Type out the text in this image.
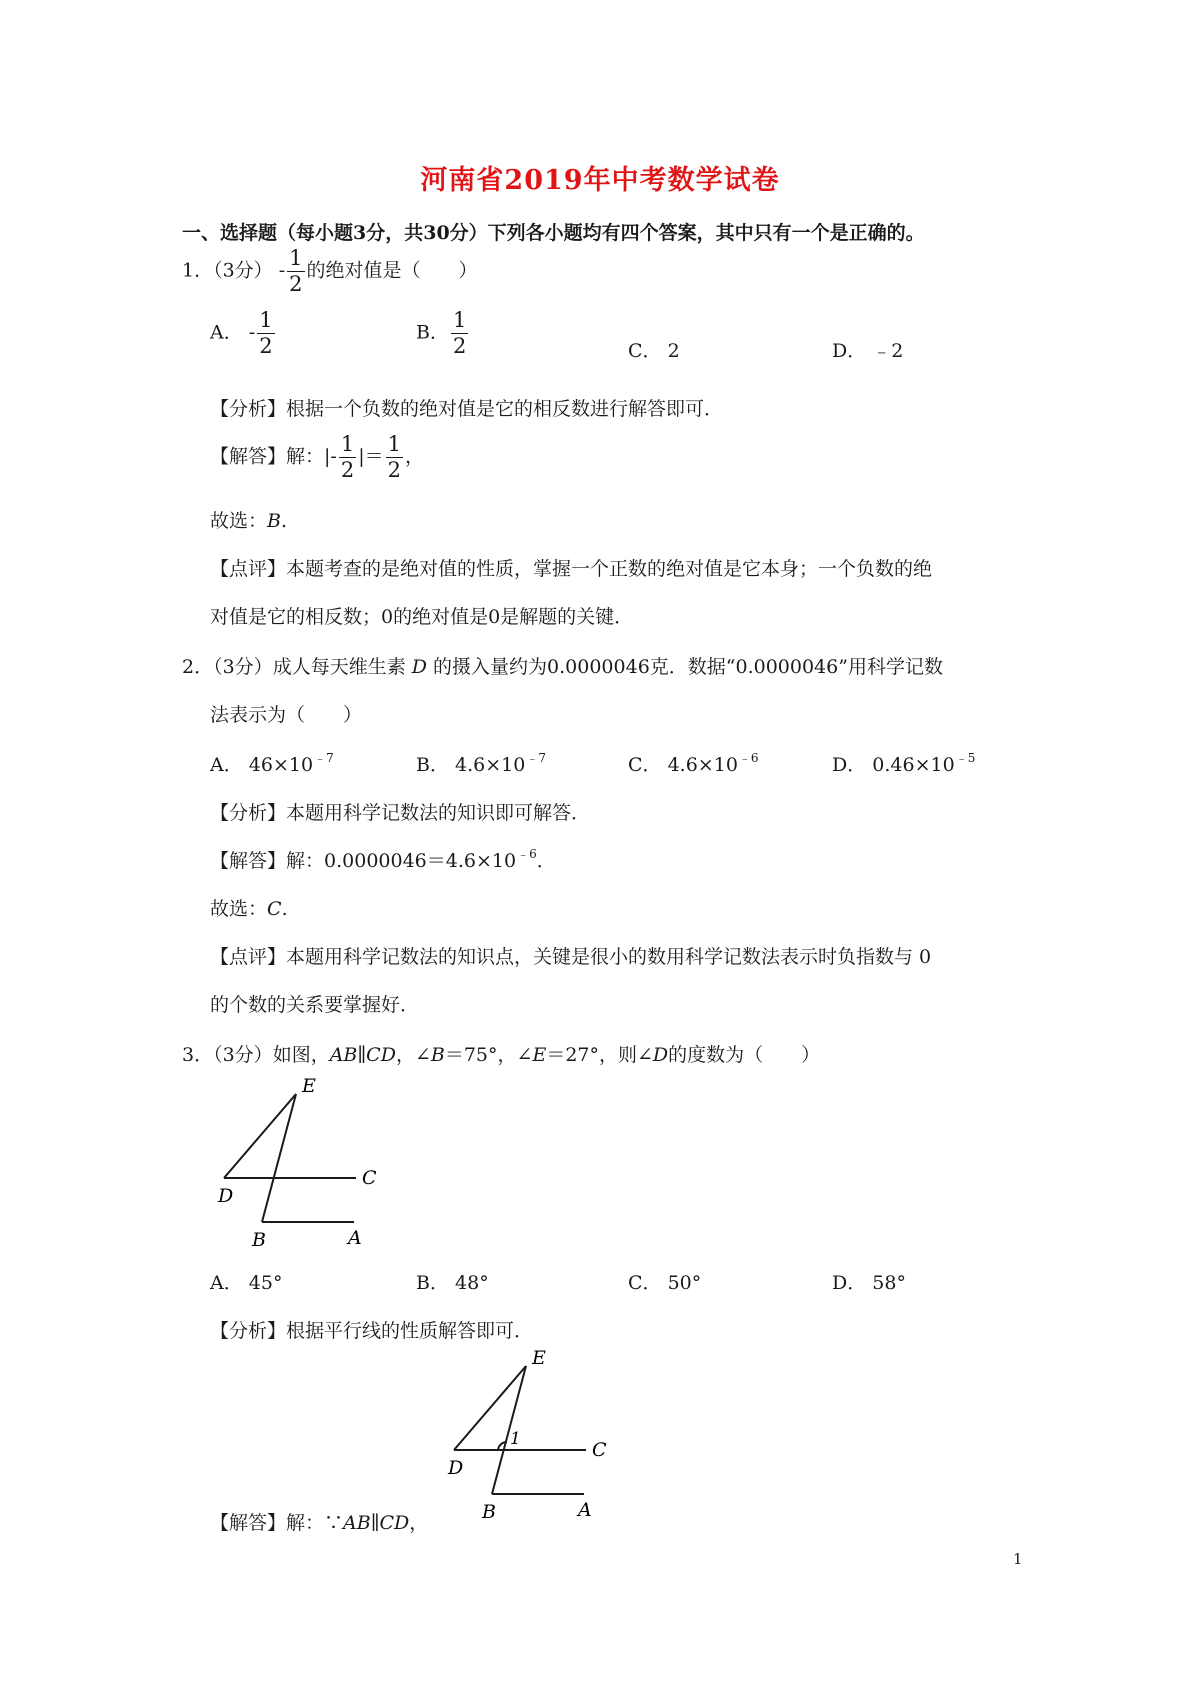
河南省2019年中考数学试卷
一、选择题（每小题3分，共30分）下列各小题均有四个答案，其中只有一个是正确的。
1．（3分） - $\frac{1}{2}$ 的绝对值是（　　）
A． - $\frac{1}{2}$	B． $\frac{1}{2}$	C． 2	D． ﹣2
【分析】根据一个负数的绝对值是它的相反数进行解答即可．
【解答】解：|- $\frac{1}{2}$ |＝ $\frac{1}{2}$ ，
故选：B.
【点评】本题考查的是绝对值的性质，掌握一个正数的绝对值是它本身；一个负数的绝
对值是它的相反数；0的绝对值是0是解题的关键．
2．（3分）成人每天维生素 D 的摄入量约为0.0000046克．数据“0.0000046”用科学记数
法表示为（　　）
A． $46\times 10^{﹣7}$	B． $4.6\times 10^{﹣7}$	C． $4.6\times 10^{﹣6}$	D． $0.46\times 10^{﹣5}$
【分析】本题用科学记数法的知识即可解答．
【解答】解：$0.0000046=4.6\times 10^{﹣6}$．
故选：C.
【点评】本题用科学记数法的知识点，关键是很小的数用科学记数法表示时负指数与 0
的个数的关系要掌握好．
3．（3分）如图，AB∥CD，∠B＝75°，∠E＝27°，则∠D的度数为（　　）
E
D
C
B	A
A． 45°	B． 48°	C． 50°	D． 58°
【分析】根据平行线的性质解答即可．
E
D
C
B	A
1
【解答】解：∵AB∥CD，
1
